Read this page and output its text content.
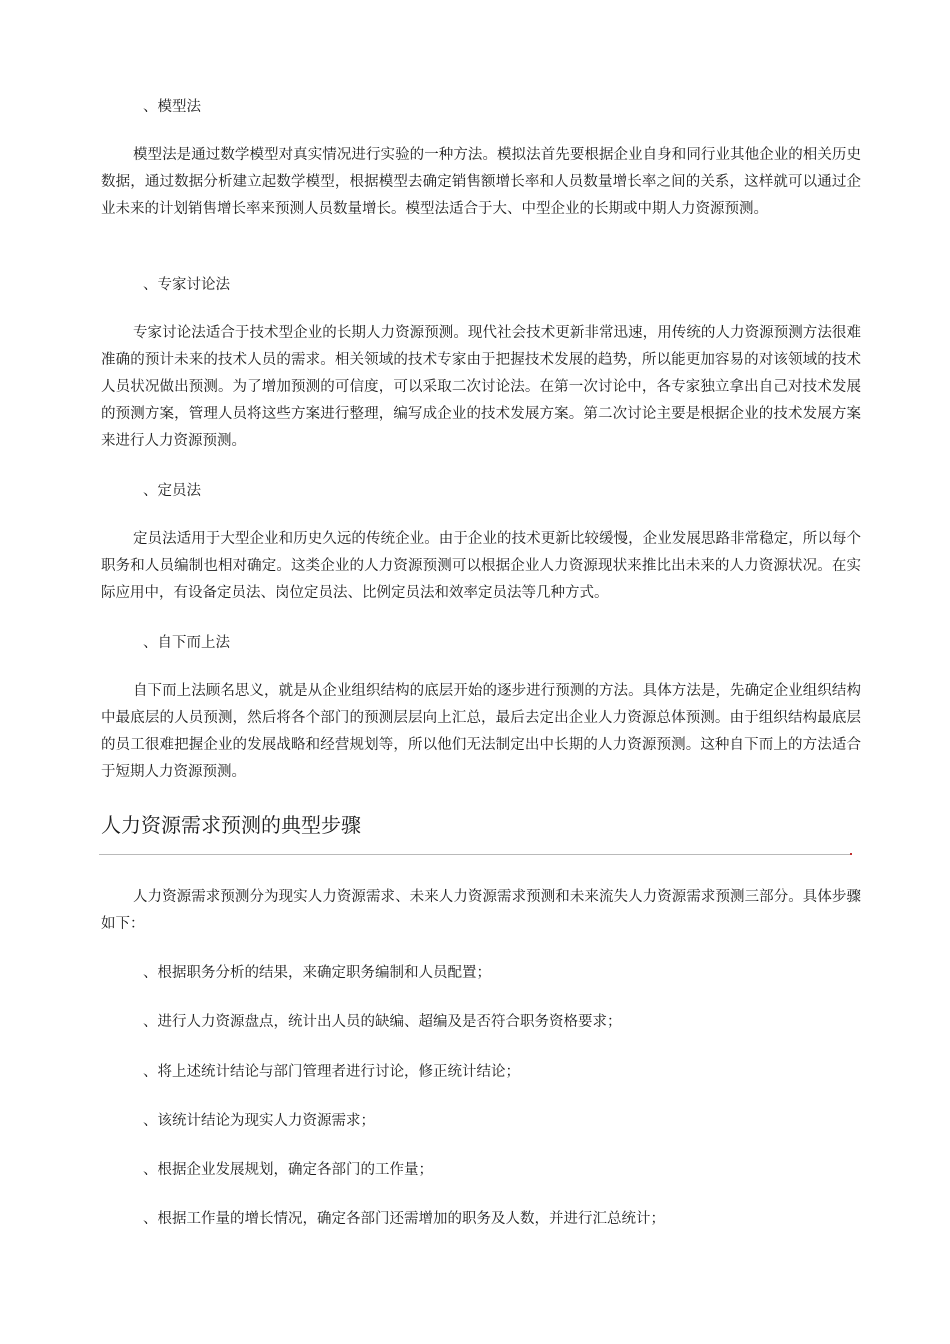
、模型法
模型法是通过数学模型对真实情况进行实验的一种方法。模拟法首先要根据企业自身和同行业其他企业的相关历史数据，通过数据分析建立起数学模型，根据模型去确定销售额增长率和人员数量增长率之间的关系，这样就可以通过企业未来的计划销售增长率来预测人员数量增长。模型法适合于大、中型企业的长期或中期人力资源预测。
、专家讨论法
专家讨论法适合于技术型企业的长期人力资源预测。现代社会技术更新非常迅速，用传统的人力资源预测方法很难准确的预计未来的技术人员的需求。相关领域的技术专家由于把握技术发展的趋势，所以能更加容易的对该领域的技术人员状况做出预测。为了增加预测的可信度，可以采取二次讨论法。在第一次讨论中，各专家独立拿出自己对技术发展的预测方案，管理人员将这些方案进行整理，编写成企业的技术发展方案。第二次讨论主要是根据企业的技术发展方案来进行人力资源预测。
、定员法
定员法适用于大型企业和历史久远的传统企业。由于企业的技术更新比较缓慢，企业发展思路非常稳定，所以每个职务和人员编制也相对确定。这类企业的人力资源预测可以根据企业人力资源现状来推比出未来的人力资源状况。在实际应用中，有设备定员法、岗位定员法、比例定员法和效率定员法等几种方式。
、自下而上法
自下而上法顾名思义，就是从企业组织结构的底层开始的逐步进行预测的方法。具体方法是，先确定企业组织结构中最底层的人员预测，然后将各个部门的预测层层向上汇总，最后去定出企业人力资源总体预测。由于组织结构最底层的员工很难把握企业的发展战略和经营规划等，所以他们无法制定出中长期的人力资源预测。这种自下而上的方法适合于短期人力资源预测。
人力资源需求预测的典型步骤
人力资源需求预测分为现实人力资源需求、未来人力资源需求预测和未来流失人力资源需求预测三部分。具体步骤如下：
、根据职务分析的结果，来确定职务编制和人员配置；
、进行人力资源盘点，统计出人员的缺编、超编及是否符合职务资格要求；
、将上述统计结论与部门管理者进行讨论，修正统计结论；
、该统计结论为现实人力资源需求；
、根据企业发展规划，确定各部门的工作量；
、根据工作量的增长情况，确定各部门还需增加的职务及人数，并进行汇总统计；
